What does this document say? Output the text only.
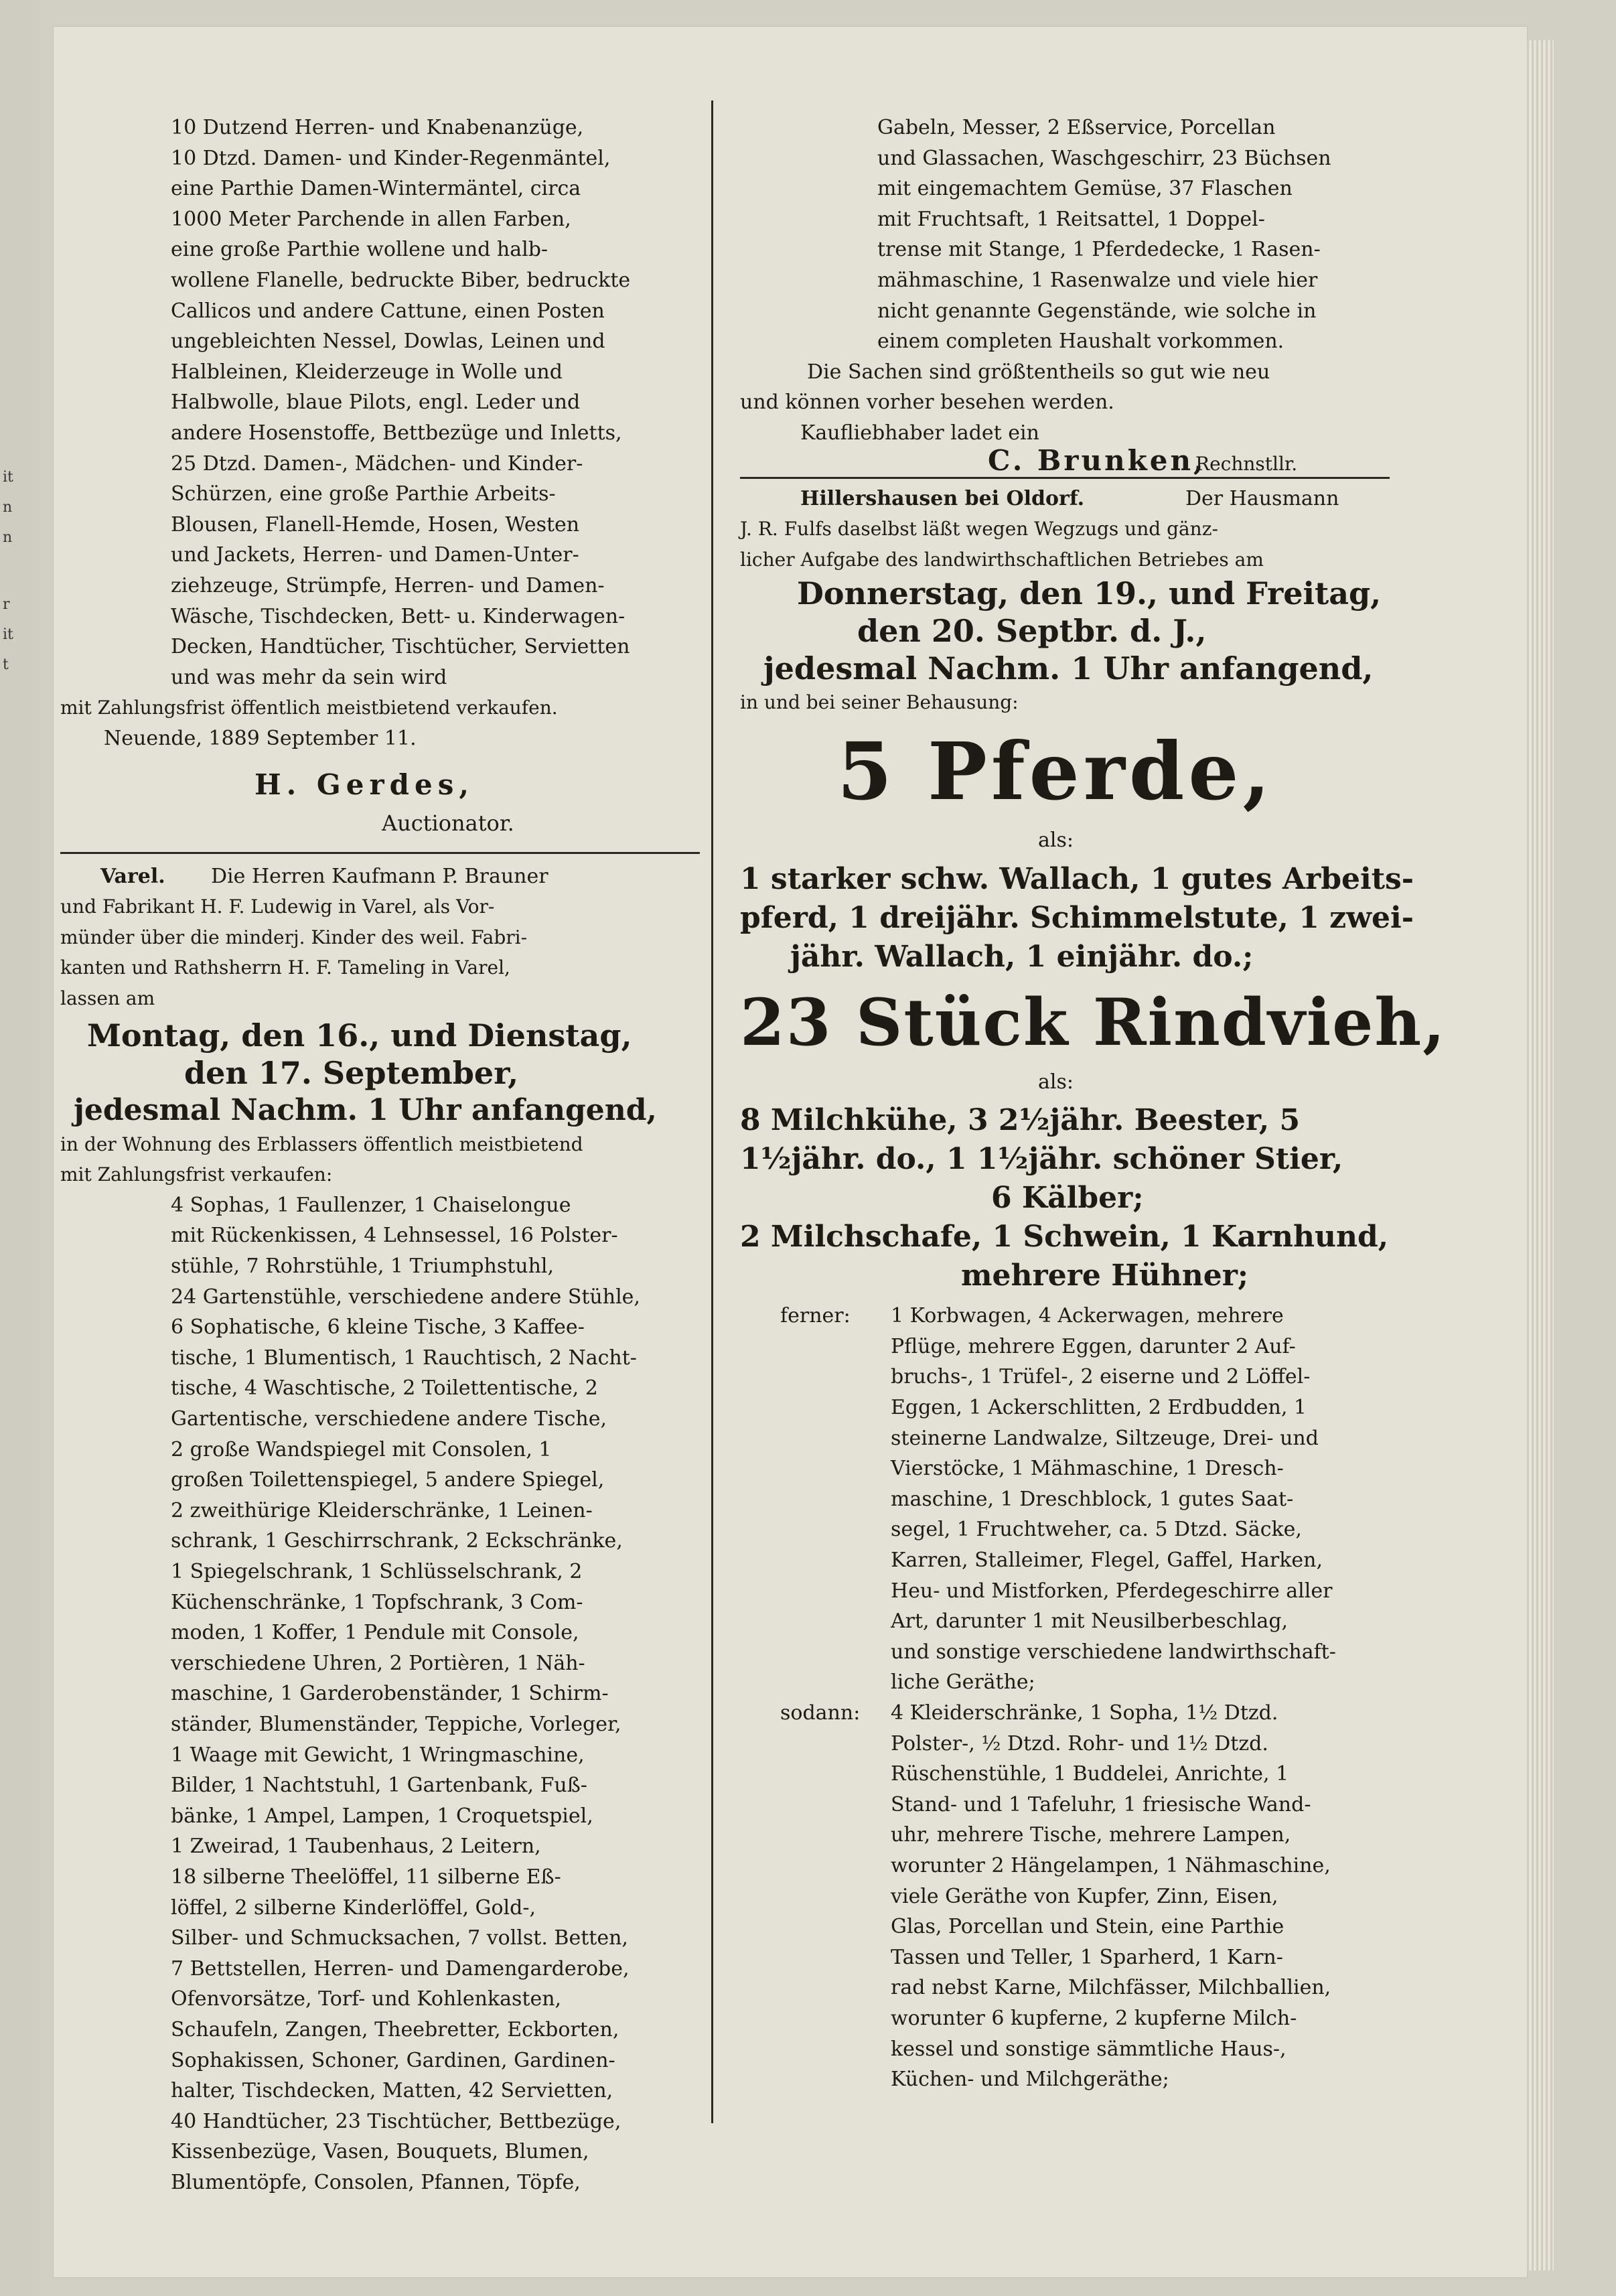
it
n
n
r
it
t
10 Dutzend Herren- und Knabenanzüge,
10 Dtzd. Damen- und Kinder-Regenmäntel,
eine Parthie Damen-Wintermäntel, circa
1000 Meter Parchende in allen Farben,
eine große Parthie wollene und halb-
wollene Flanelle, bedruckte Biber, bedruckte
Callicos und andere Cattune, einen Posten
ungebleichten Nessel, Dowlas, Leinen und
Halbleinen, Kleiderzeuge in Wolle und
Halbwolle, blaue Pilots, engl. Leder und
andere Hosenstoffe, Bettbezüge und Inletts,
25 Dtzd. Damen-, Mädchen- und Kinder-
Schürzen, eine große Parthie Arbeits-
Blousen, Flanell-Hemde, Hosen, Westen
und Jackets, Herren- und Damen-Unter-
ziehzeuge, Strümpfe, Herren- und Damen-
Wäsche, Tischdecken, Bett- u. Kinderwagen-
Decken, Handtücher, Tischtücher, Servietten
und was mehr da sein wird
mit Zahlungsfrist öffentlich meistbietend verkaufen.
Neuende, 1889 September 11.
H. Gerdes,
Auctionator.
Varel. Die Herren Kaufmann P. Brauner
und Fabrikant H. F. Ludewig in Varel, als Vor-
münder über die minderj. Kinder des weil. Fabri-
kanten und Rathsherrn H. F. Tameling in Varel,
lassen am
Montag, den 16., und Dienstag,
den 17. September,
jedesmal Nachm. 1 Uhr anfangend,
in der Wohnung des Erblassers öffentlich meistbietend
mit Zahlungsfrist verkaufen:
4 Sophas, 1 Faullenzer, 1 Chaiselongue
mit Rückenkissen, 4 Lehnsessel, 16 Polster-
stühle, 7 Rohrstühle, 1 Triumphstuhl,
24 Gartenstühle, verschiedene andere Stühle,
6 Sophatische, 6 kleine Tische, 3 Kaffee-
tische, 1 Blumentisch, 1 Rauchtisch, 2 Nacht-
tische, 4 Waschtische, 2 Toilettentische, 2
Gartentische, verschiedene andere Tische,
2 große Wandspiegel mit Consolen, 1
großen Toilettenspiegel, 5 andere Spiegel,
2 zweithürige Kleiderschränke, 1 Leinen-
schrank, 1 Geschirrschrank, 2 Eckschränke,
1 Spiegelschrank, 1 Schlüsselschrank, 2
Küchenschränke, 1 Topfschrank, 3 Com-
moden, 1 Koffer, 1 Pendule mit Console,
verschiedene Uhren, 2 Portièren, 1 Näh-
maschine, 1 Garderobenständer, 1 Schirm-
ständer, Blumenständer, Teppiche, Vorleger,
1 Waage mit Gewicht, 1 Wringmaschine,
Bilder, 1 Nachtstuhl, 1 Gartenbank, Fuß-
bänke, 1 Ampel, Lampen, 1 Croquetspiel,
1 Zweirad, 1 Taubenhaus, 2 Leitern,
18 silberne Theelöffel, 11 silberne Eß-
löffel, 2 silberne Kinderlöffel, Gold-,
Silber- und Schmucksachen, 7 vollst. Betten,
7 Bettstellen, Herren- und Damengarderobe,
Ofenvorsätze, Torf- und Kohlenkasten,
Schaufeln, Zangen, Theebretter, Eckborten,
Sophakissen, Schoner, Gardinen, Gardinen-
halter, Tischdecken, Matten, 42 Servietten,
40 Handtücher, 23 Tischtücher, Bettbezüge,
Kissenbezüge, Vasen, Bouquets, Blumen,
Blumentöpfe, Consolen, Pfannen, Töpfe,
Gabeln, Messer, 2 Eßservice, Porcellan
und Glassachen, Waschgeschirr, 23 Büchsen
mit eingemachtem Gemüse, 37 Flaschen
mit Fruchtsaft, 1 Reitsattel, 1 Doppel-
trense mit Stange, 1 Pferdedecke, 1 Rasen-
mähmaschine, 1 Rasenwalze und viele hier
nicht genannte Gegenstände, wie solche in
einem completen Haushalt vorkommen.
Die Sachen sind größtentheils so gut wie neu
und können vorher besehen werden.
Kaufliebhaber ladet ein
C. Brunken,
Rechnstllr.
Hillershausen bei Oldorf.	Der Hausmann
J. R. Fulfs daselbst läßt wegen Wegzugs und gänz-
licher Aufgabe des landwirthschaftlichen Betriebes am
Donnerstag, den 19., und Freitag,
den 20. Septbr. d. J.,
jedesmal Nachm. 1 Uhr anfangend,
in und bei seiner Behausung:
5 Pferde,
als:
1 starker schw. Wallach, 1 gutes Arbeits-
pferd, 1 dreijähr. Schimmelstute, 1 zwei-
jähr. Wallach, 1 einjähr. do.;
23 Stück Rindvieh,
als:
8 Milchkühe, 3 2½jähr. Beester, 5
1½jähr. do., 1 1½jähr. schöner Stier,
6 Kälber;
2 Milchschafe, 1 Schwein, 1 Karnhund,
mehrere Hühner;
ferner: 1 Korbwagen, 4 Ackerwagen, mehrere
Pflüge, mehrere Eggen, darunter 2 Auf-
bruchs-, 1 Trüfel-, 2 eiserne und 2 Löffel-
Eggen, 1 Ackerschlitten, 2 Erdbudden, 1
steinerne Landwalze, Siltzeuge, Drei- und
Vierstöcke, 1 Mähmaschine, 1 Dresch-
maschine, 1 Dreschblock, 1 gutes Saat-
segel, 1 Fruchtweher, ca. 5 Dtzd. Säcke,
Karren, Stalleimer, Flegel, Gaffel, Harken,
Heu- und Mistforken, Pferdegeschirre aller
Art, darunter 1 mit Neusilberbeschlag,
und sonstige verschiedene landwirthschaft-
liche Geräthe;
sodann: 4 Kleiderschränke, 1 Sopha, 1½ Dtzd.
Polster-, ½ Dtzd. Rohr- und 1½ Dtzd.
Rüschenstühle, 1 Buddelei, Anrichte, 1
Stand- und 1 Tafeluhr, 1 friesische Wand-
uhr, mehrere Tische, mehrere Lampen,
worunter 2 Hängelampen, 1 Nähmaschine,
viele Geräthe von Kupfer, Zinn, Eisen,
Glas, Porcellan und Stein, eine Parthie
Tassen und Teller, 1 Sparherd, 1 Karn-
rad nebst Karne, Milchfässer, Milchballien,
worunter 6 kupferne, 2 kupferne Milch-
kessel und sonstige sämmtliche Haus-,
Küchen- und Milchgeräthe;
